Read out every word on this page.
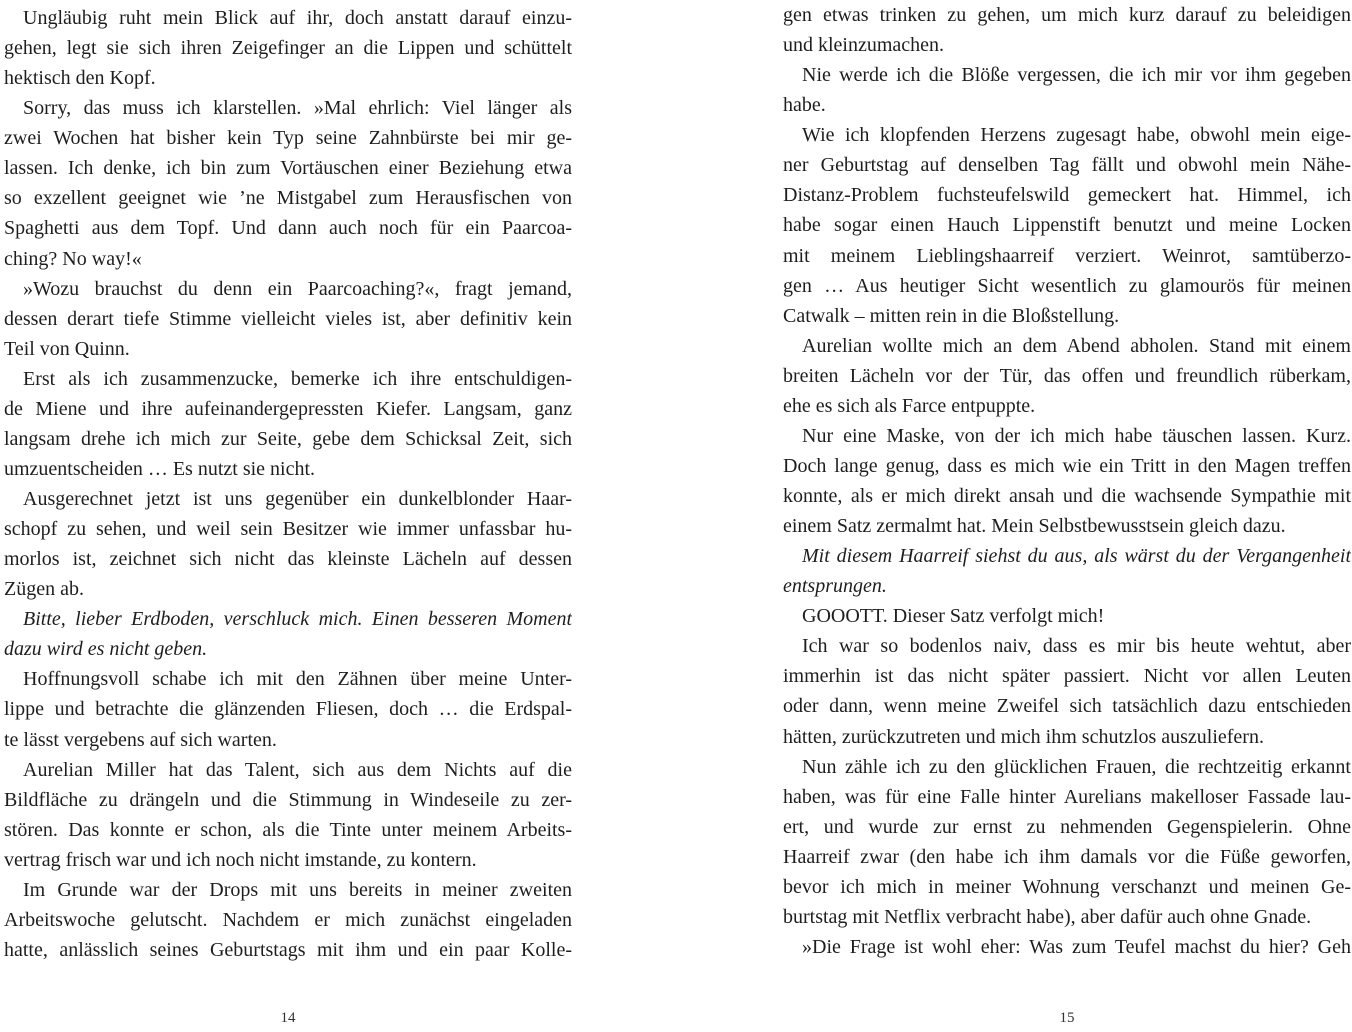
Ungläubig ruht mein Blick auf ihr, doch anstatt darauf einzu-
gehen, legt sie sich ihren Zeigefinger an die Lippen und schüttelt
hektisch den Kopf.
Sorry, das muss ich klarstellen. »Mal ehrlich: Viel länger als
zwei Wochen hat bisher kein Typ seine Zahnbürste bei mir ge-
lassen. Ich denke, ich bin zum Vortäuschen einer Beziehung etwa
so exzellent geeignet wie ’ne Mistgabel zum Herausfischen von
Spaghetti aus dem Topf. Und dann auch noch für ein Paarcoa-
ching? No way!«
»Wozu brauchst du denn ein Paarcoaching?«, fragt jemand,
dessen derart tiefe Stimme vielleicht vieles ist, aber definitiv kein
Teil von Quinn.
Erst als ich zusammenzucke, bemerke ich ihre entschuldigen-
de Miene und ihre aufeinandergepressten Kiefer. Langsam, ganz
langsam drehe ich mich zur Seite, gebe dem Schicksal Zeit, sich
umzuentscheiden … Es nutzt sie nicht.
Ausgerechnet jetzt ist uns gegenüber ein dunkelblonder Haar-
schopf zu sehen, und weil sein Besitzer wie immer unfassbar hu-
morlos ist, zeichnet sich nicht das kleinste Lächeln auf dessen
Zügen ab.
Bitte, lieber Erdboden, verschluck mich. Einen besseren Moment
dazu wird es nicht geben.
Hoffnungsvoll schabe ich mit den Zähnen über meine Unter-
lippe und betrachte die glänzenden Fliesen, doch … die Erdspal-
te lässt vergebens auf sich warten.
Aurelian Miller hat das Talent, sich aus dem Nichts auf die
Bildfläche zu drängeln und die Stimmung in Windeseile zu zer-
stören. Das konnte er schon, als die Tinte unter meinem Arbeits-
vertrag frisch war und ich noch nicht imstande, zu kontern.
Im Grunde war der Drops mit uns bereits in meiner zweiten
Arbeitswoche gelutscht. Nachdem er mich zunächst eingeladen
hatte, anlässlich seines Geburtstags mit ihm und ein paar Kolle-
14
gen etwas trinken zu gehen, um mich kurz darauf zu beleidigen
und kleinzumachen.
Nie werde ich die Blöße vergessen, die ich mir vor ihm gegeben
habe.
Wie ich klopfenden Herzens zugesagt habe, obwohl mein eige-
ner Geburtstag auf denselben Tag fällt und obwohl mein Nähe-
Distanz-Problem fuchsteufelswild gemeckert hat. Himmel, ich
habe sogar einen Hauch Lippenstift benutzt und meine Locken
mit meinem Lieblingshaarreif verziert. Weinrot, samtüberzo-
gen … Aus heutiger Sicht wesentlich zu glamourös für meinen
Catwalk – mitten rein in die Bloßstellung.
Aurelian wollte mich an dem Abend abholen. Stand mit einem
breiten Lächeln vor der Tür, das offen und freundlich rüberkam,
ehe es sich als Farce entpuppte.
Nur eine Maske, von der ich mich habe täuschen lassen. Kurz.
Doch lange genug, dass es mich wie ein Tritt in den Magen treffen
konnte, als er mich direkt ansah und die wachsende Sympathie mit
einem Satz zermalmt hat. Mein Selbstbewusstsein gleich dazu.
Mit diesem Haarreif siehst du aus, als wärst du der Vergangenheit
entsprungen.
GOOOTT. Dieser Satz verfolgt mich!
Ich war so bodenlos naiv, dass es mir bis heute wehtut, aber
immerhin ist das nicht später passiert. Nicht vor allen Leuten
oder dann, wenn meine Zweifel sich tatsächlich dazu entschieden
hätten, zurückzutreten und mich ihm schutzlos auszuliefern.
Nun zähle ich zu den glücklichen Frauen, die rechtzeitig erkannt
haben, was für eine Falle hinter Aurelians makelloser Fassade lau-
ert, und wurde zur ernst zu nehmenden Gegenspielerin. Ohne
Haarreif zwar (den habe ich ihm damals vor die Füße geworfen,
bevor ich mich in meiner Wohnung verschanzt und meinen Ge-
burtstag mit Netflix verbracht habe), aber dafür auch ohne Gnade.
»Die Frage ist wohl eher: Was zum Teufel machst du hier? Geh
15
